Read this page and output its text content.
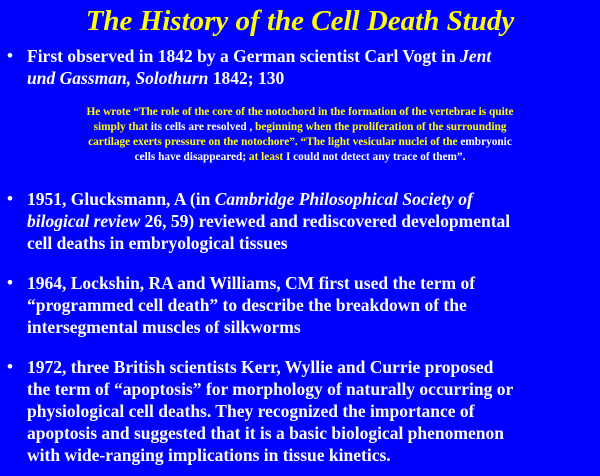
The History of the Cell Death Study
• First observed in 1842 by a German scientist Carl Vogt in Jent
und Gassman, Solothurn 1842; 130
He wrote “The role of the core of the notochord in the formation of the vertebrae is quite
simply that its cells are resolved , beginning when the proliferation of the surrounding
cartilage exerts pressure on the notochore”. “The light vesicular nuclei of the embryonic
cells have disappeared; at least I could not detect any trace of them”.
• 1951, Glucksmann, A (in Cambridge Philosophical Society of
bilogical review 26, 59) reviewed and rediscovered developmental
cell deaths in embryological tissues
• 1964, Lockshin, RA and Williams, CM first used the term of
“programmed cell death” to describe the breakdown of the
intersegmental muscles of silkworms
• 1972, three British scientists Kerr, Wyllie and Currie proposed
the term of “apoptosis” for morphology of naturally occurring or
physiological cell deaths. They recognized the importance of
apoptosis and suggested that it is a basic biological phenomenon
with wide-ranging implications in tissue kinetics.
